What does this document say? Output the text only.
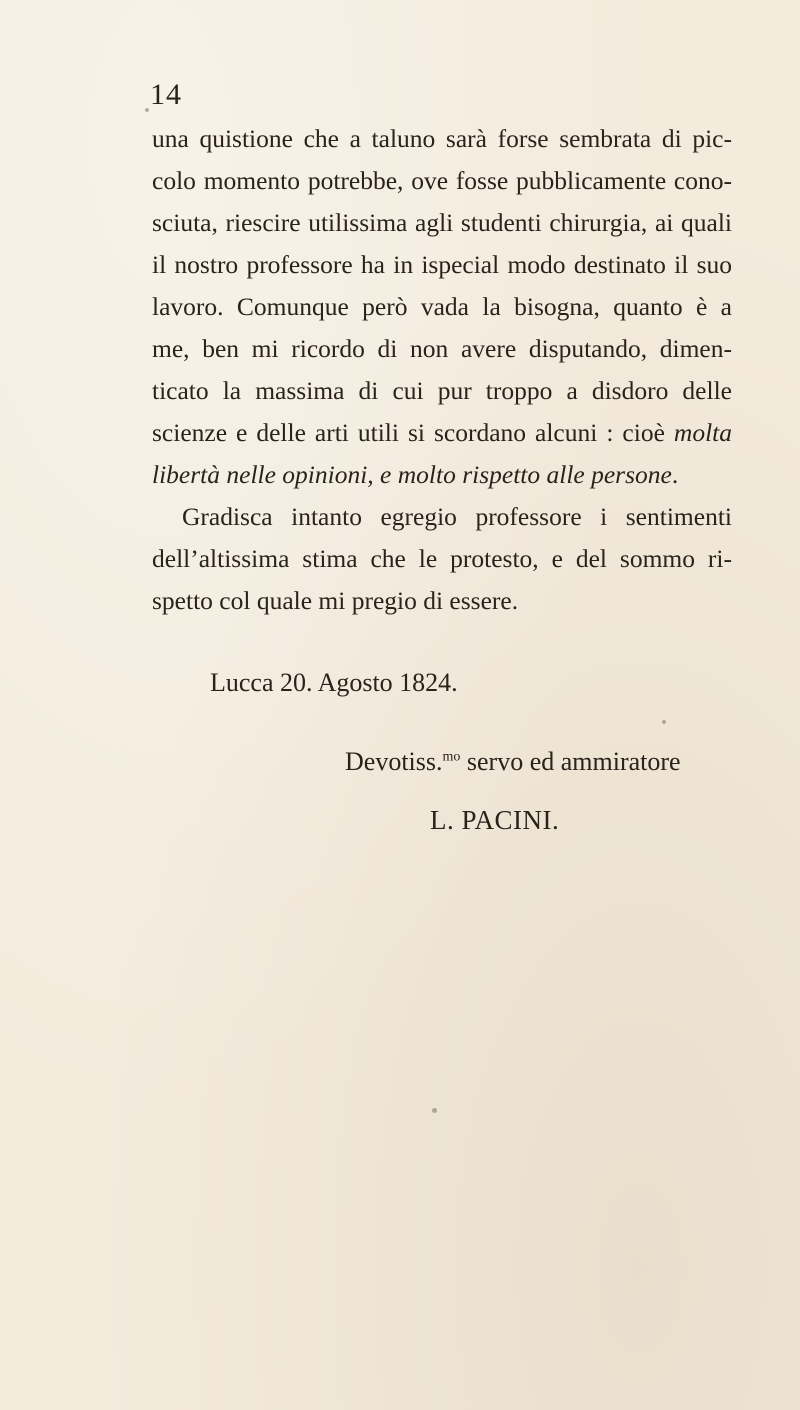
14
una quistione che a taluno sarà forse sembrata di pic-
colo momento potrebbe, ove fosse pubblicamente cono-
sciuta, riescire utilissima agli studenti chirurgia, ai quali
il nostro professore ha in ispecial modo destinato il suo
lavoro. Comunque però vada la bisogna, quanto è a
me, ben mi ricordo di non avere disputando, dimen-
ticato la massima di cui pur troppo a disdoro delle
scienze e delle arti utili si scordano alcuni : cioè molta
libertà nelle opinioni, e molto rispetto alle persone.
Gradisca intanto egregio professore i sentimenti
dell’altissima stima che le protesto, e del sommo ri-
spetto col quale mi pregio di essere.
Lucca 20. Agosto 1824.
Devotiss.$^{mo}$ servo ed ammiratore
L. PACINI.
